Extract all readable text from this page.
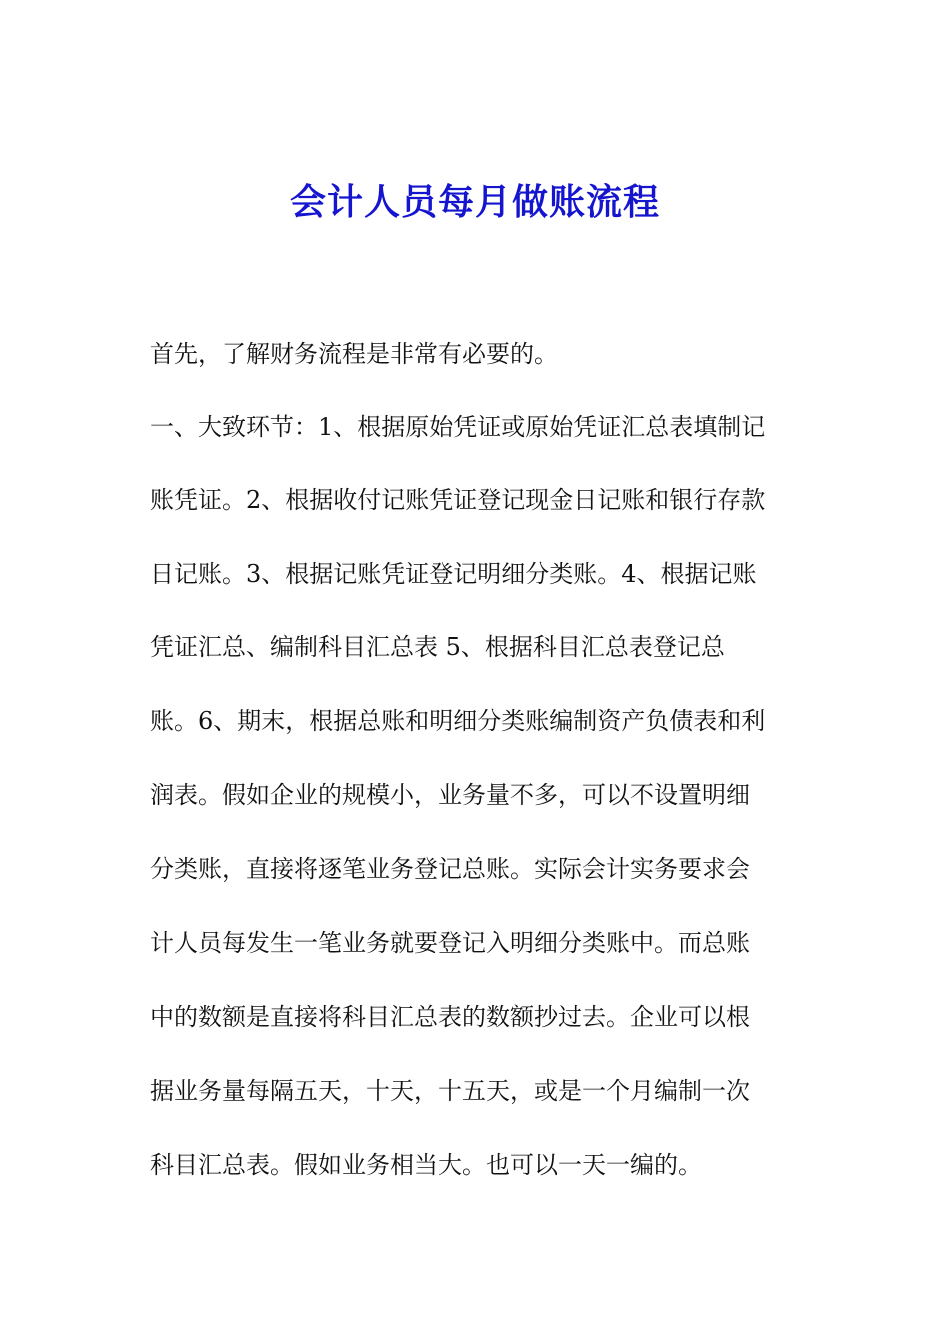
会计人员每月做账流程
首先，了解财务流程是非常有必要的。
一、大致环节：1、根据原始凭证或原始凭证汇总表填制记
账凭证。2、根据收付记账凭证登记现金日记账和银行存款
日记账。3、根据记账凭证登记明细分类账。4、根据记账
凭证汇总、编制科目汇总表 5、根据科目汇总表登记总
账。6、期末，根据总账和明细分类账编制资产负债表和利
润表。假如企业的规模小，业务量不多，可以不设置明细
分类账，直接将逐笔业务登记总账。实际会计实务要求会
计人员每发生一笔业务就要登记入明细分类账中。而总账
中的数额是直接将科目汇总表的数额抄过去。企业可以根
据业务量每隔五天，十天，十五天，或是一个月编制一次
科目汇总表。假如业务相当大。也可以一天一编的。
